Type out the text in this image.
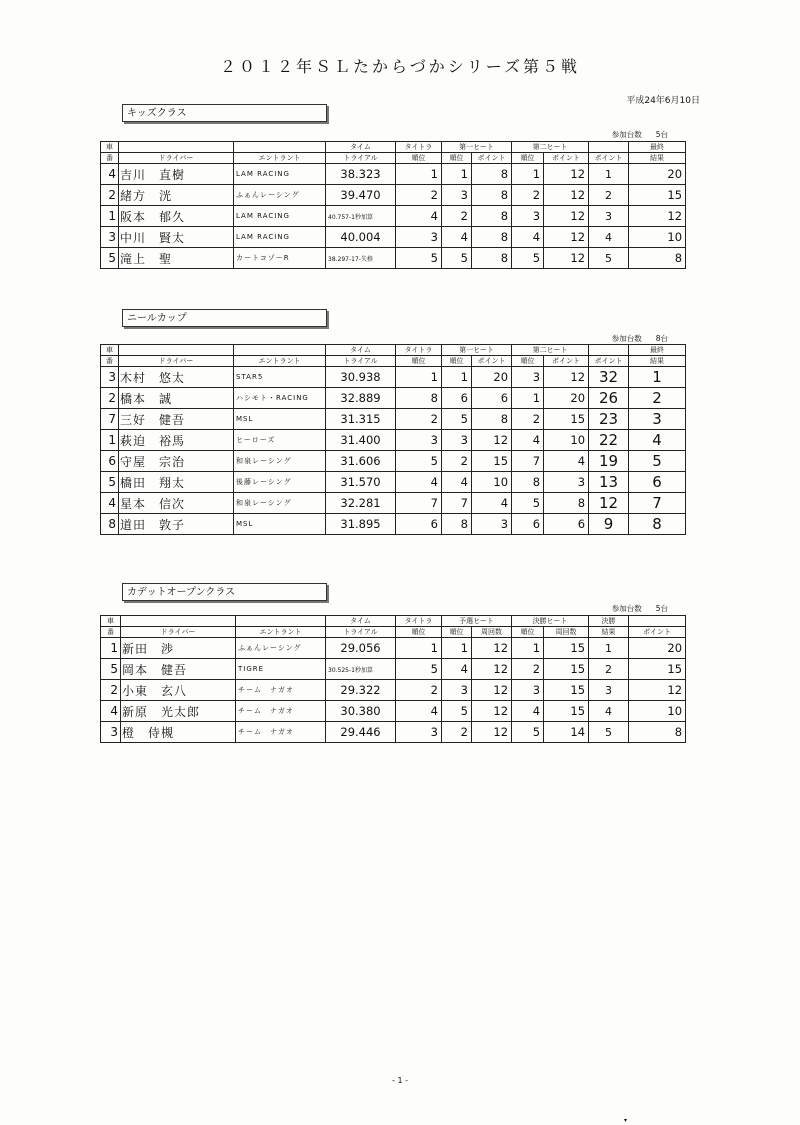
２０１２年ＳＬたからづかシリーズ第５戦
平成24年6月10日
キッズクラス
参加台数 5台
車			タイム	タイトラ	第一ヒート		第二ヒート			最終
番	ドライバー	エントラント	トライアル	順位	順位	ポイント	順位	ポイント	ポイント	結果
4	吉川　直樹	LAM RACING	38.323	1	1	8	1	12	1	20
2	緒方　洸	ふぁんレーシング	39.470	2	3	8	2	12	2	15
1	阪本　郁久	LAM RACING	40.757-1秒加算	4	2	8	3	12	3	12
3	中川　賢太	LAM RACING	40.004	3	4	8	4	12	4	10
5	滝上　聖	カートコゾーR	38.297-17-失格	5	5	8	5	12	5	8
ニールカップ
参加台数 8台
車			タイム	タイトラ	第一ヒート		第二ヒート			最終
番	ドライバー	エントラント	トライアル	順位	順位	ポイント	順位	ポイント	ポイント	結果
3	木村　悠太	STAR5	30.938	1	1	20	3	12	32	1
2	橋本　誠	ハシモト・RACING	32.889	8	6	6	1	20	26	2
7	三好　健吾	MSL	31.315	2	5	8	2	15	23	3
1	萩迫　裕馬	ヒーローズ	31.400	3	3	12	4	10	22	4
6	守屋　宗治	和泉レーシング	31.606	5	2	15	7	4	19	5
5	橋田　翔太	後藤レーシング	31.570	4	4	10	8	3	13	6
4	星本　信次	和泉レーシング	32.281	7	7	4	5	8	12	7
8	道田　敦子	MSL	31.895	6	8	3	6	6	9	8
カデットオープンクラス
参加台数 5台
車			タイム	タイトラ	予選ヒート		決勝ヒート		決勝	
番	ドライバー	エントラント	トライアル	順位	順位	周回数	順位	周回数	結果	ポイント
1	新田　渉	ふぁんレーシング	29.056	1	1	12	1	15	1	20
5	岡本　健吾	TIGRE	30.525-1秒加算	5	4	12	2	15	2	15
2	小東　玄八	チーム　ナガオ	29.322	2	3	12	3	15	3	12
4	新原　光太郎	チーム　ナガオ	30.380	4	5	12	4	15	4	10
3	橙　侍槻	チーム　ナガオ	29.446	3	2	12	5	14	5	8
- 1 -
▾
